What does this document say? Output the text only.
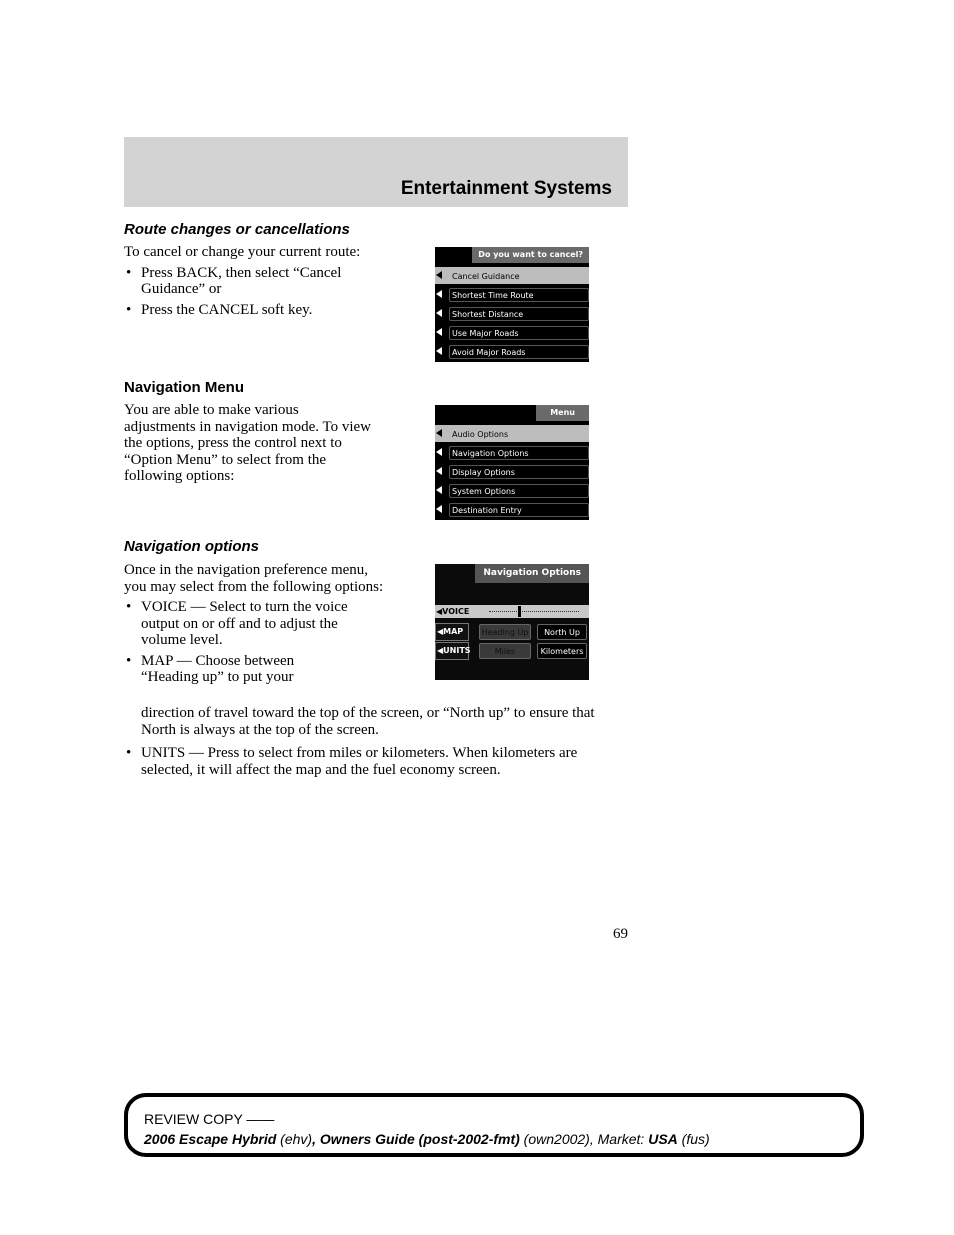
Entertainment Systems
Route changes or cancellations

To cancel or change your current route:

• Press BACK, then select “Cancel Guidance” or
• Press the CANCEL soft key.
Do you want to cancel?
Cancel Guidance
Shortest Time Route
Shortest Distance
Use Major Roads
Avoid Major Roads
Navigation Menu
You are able to make various adjustments in navigation mode. To view the options, press the control next to “Option Menu” to select from the following options:
Menu
Audio Options
Navigation Options
Display Options
System Options
Destination Entry
Navigation options

Once in the navigation preference menu, you may select from the following options:

• VOICE — Select to turn the voice output on or off and to adjust the volume level.
• MAP — Choose between “Heading up” to put your
direction of travel toward the top of the screen, or “North up” to ensure that North is always at the top of the screen.
• UNITS — Press to select from miles or kilometers. When kilometers are selected, it will affect the map and the fuel economy screen.
Navigation Options
◀VOICE
◀MAP	Heading Up	North Up
◀UNITS	Miles	Kilometers
69
REVIEW COPY ——
2006 Escape Hybrid (ehv), Owners Guide (post-2002-fmt) (own2002), Market: USA (fus)
